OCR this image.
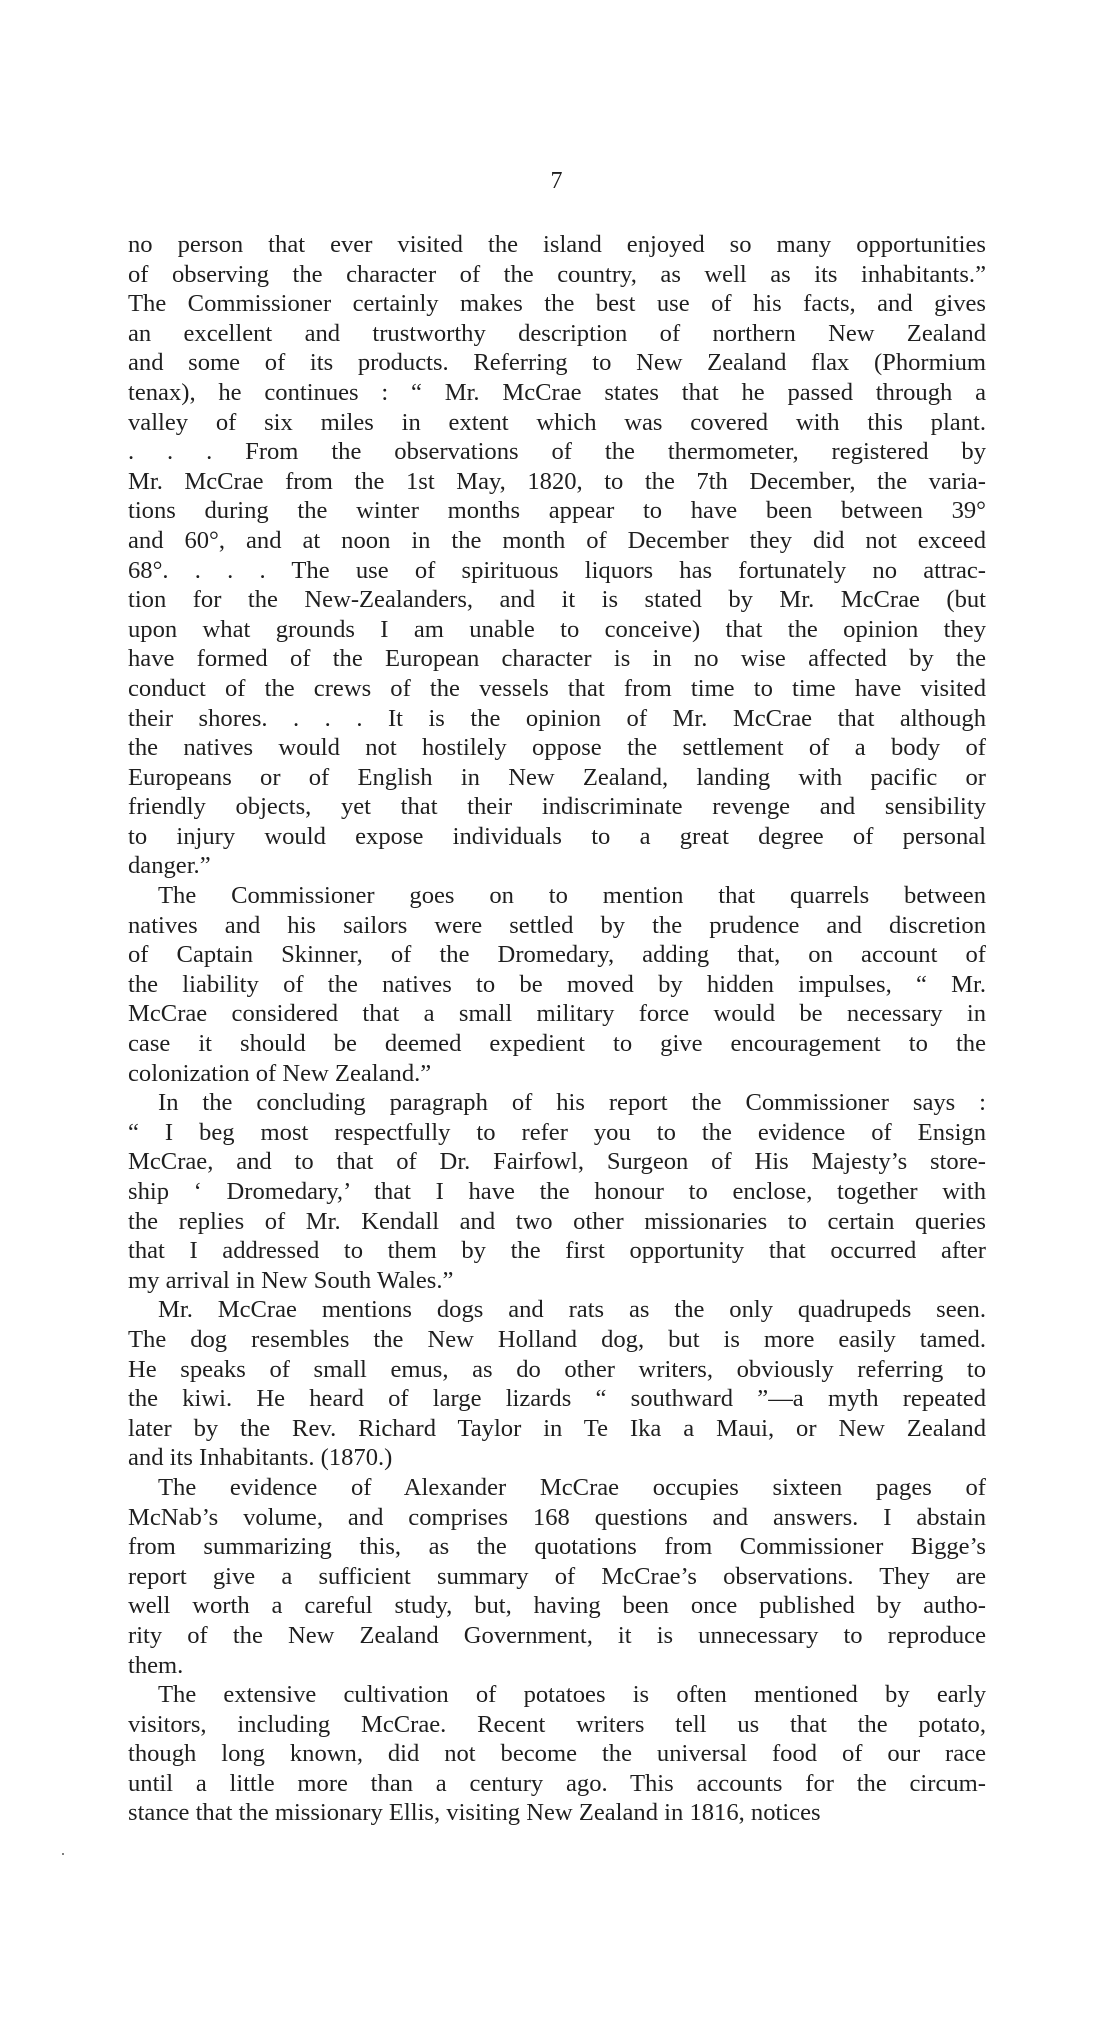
7
no person that ever visited the island enjoyed so many opportunities
of observing the character of the country, as well as its inhabitants.”
The Commissioner certainly makes the best use of his facts, and gives
an excellent and trustworthy description of northern New Zealand
and some of its products. Referring to New Zealand flax (Phormium
tenax), he continues : “ Mr. McCrae states that he passed through a
valley of six miles in extent which was covered with this plant.
. . . From the observations of the thermometer, registered by
Mr. McCrae from the 1st May, 1820, to the 7th December, the varia-
tions during the winter months appear to have been between 39°
and 60°, and at noon in the month of December they did not exceed
68°. . . . The use of spirituous liquors has fortunately no attrac-
tion for the New-Zealanders, and it is stated by Mr. McCrae (but
upon what grounds I am unable to conceive) that the opinion they
have formed of the European character is in no wise affected by the
conduct of the crews of the vessels that from time to time have visited
their shores. . . . It is the opinion of Mr. McCrae that although
the natives would not hostilely oppose the settlement of a body of
Europeans or of English in New Zealand, landing with pacific or
friendly objects, yet that their indiscriminate revenge and sensibility
to injury would expose individuals to a great degree of personal
danger.”
The Commissioner goes on to mention that quarrels between
natives and his sailors were settled by the prudence and discretion
of Captain Skinner, of the Dromedary, adding that, on account of
the liability of the natives to be moved by hidden impulses, “ Mr.
McCrae considered that a small military force would be necessary in
case it should be deemed expedient to give encouragement to the
colonization of New Zealand.”
In the concluding paragraph of his report the Commissioner says :
“ I beg most respectfully to refer you to the evidence of Ensign
McCrae, and to that of Dr. Fairfowl, Surgeon of His Majesty’s store-
ship ‘ Dromedary,’ that I have the honour to enclose, together with
the replies of Mr. Kendall and two other missionaries to certain queries
that I addressed to them by the first opportunity that occurred after
my arrival in New South Wales.”
Mr. McCrae mentions dogs and rats as the only quadrupeds seen.
The dog resembles the New Holland dog, but is more easily tamed.
He speaks of small emus, as do other writers, obviously referring to
the kiwi. He heard of large lizards “ southward ”—a myth repeated
later by the Rev. Richard Taylor in Te Ika a Maui, or New Zealand
and its Inhabitants. (1870.)
The evidence of Alexander McCrae occupies sixteen pages of
McNab’s volume, and comprises 168 questions and answers. I abstain
from summarizing this, as the quotations from Commissioner Bigge’s
report give a sufficient summary of McCrae’s observations. They are
well worth a careful study, but, having been once published by autho-
rity of the New Zealand Government, it is unnecessary to reproduce
them.
The extensive cultivation of potatoes is often mentioned by early
visitors, including McCrae. Recent writers tell us that the potato,
though long known, did not become the universal food of our race
until a little more than a century ago. This accounts for the circum-
stance that the missionary Ellis, visiting New Zealand in 1816, notices
